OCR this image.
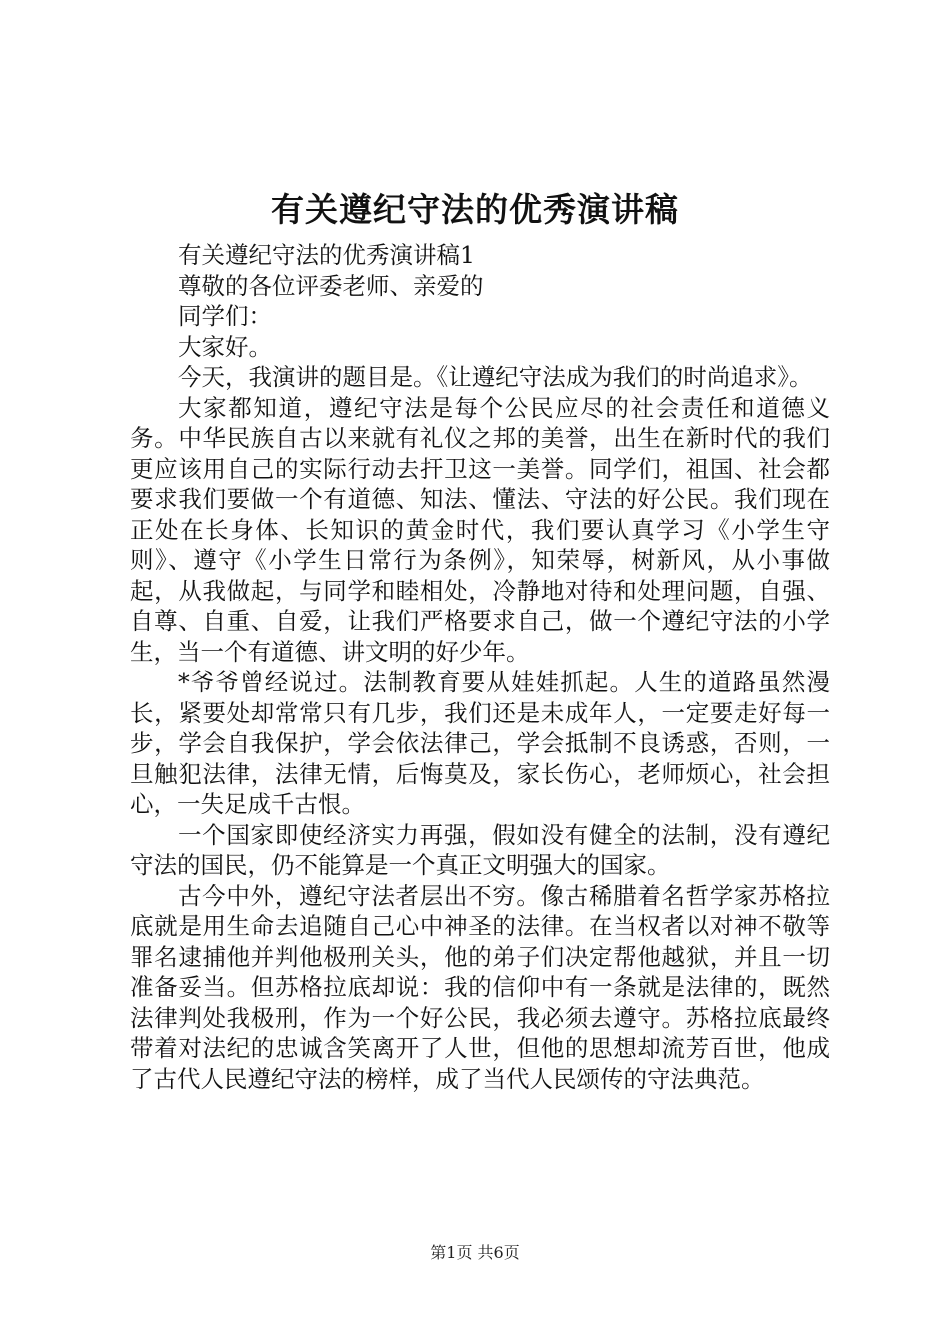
有关遵纪守法的优秀演讲稿

有关遵纪守法的优秀演讲稿1

尊敬的各位评委老师、亲爱的

同学们：

大家好。

今天，我演讲的题目是。《让遵纪守法成为我们的时尚追求》。

大家都知道，遵纪守法是每个公民应尽的社会责任和道德义务。中华民族自古以来就有礼仪之邦的美誉，出生在新时代的我们更应该用自己的实际行动去扞卫这一美誉。同学们，祖国、社会都要求我们要做一个有道德、知法、懂法、守法的好公民。我们现在正处在长身体、长知识的黄金时代，我们要认真学习《小学生守则》、遵守《小学生日常行为条例》，知荣辱，树新风，从小事做起，从我做起，与同学和睦相处，冷静地对待和处理问题，自强、自尊、自重、自爱，让我们严格要求自己，做一个遵纪守法的小学生，当一个有道德、讲文明的好少年。

*爷爷曾经说过。法制教育要从娃娃抓起。人生的道路虽然漫长，紧要处却常常只有几步，我们还是未成年人，一定要走好每一步，学会自我保护，学会依法律己，学会抵制不良诱惑，否则，一旦触犯法律，法律无情，后悔莫及，家长伤心，老师烦心，社会担心，一失足成千古恨。

一个国家即使经济实力再强，假如没有健全的法制，没有遵纪守法的国民，仍不能算是一个真正文明强大的国家。

古今中外，遵纪守法者层出不穷。像古稀腊着名哲学家苏格拉底就是用生命去追随自己心中神圣的法律。在当权者以对神不敬等罪名逮捕他并判他极刑关头，他的弟子们决定帮他越狱，并且一切准备妥当。但苏格拉底却说：我的信仰中有一条就是法律的，既然法律判处我极刑，作为一个好公民，我必须去遵守。苏格拉底最终带着对法纪的忠诚含笑离开了人世，但他的思想却流芳百世，他成了古代人民遵纪守法的榜样，成了当代人民颂传的守法典范。

第1页 共6页
